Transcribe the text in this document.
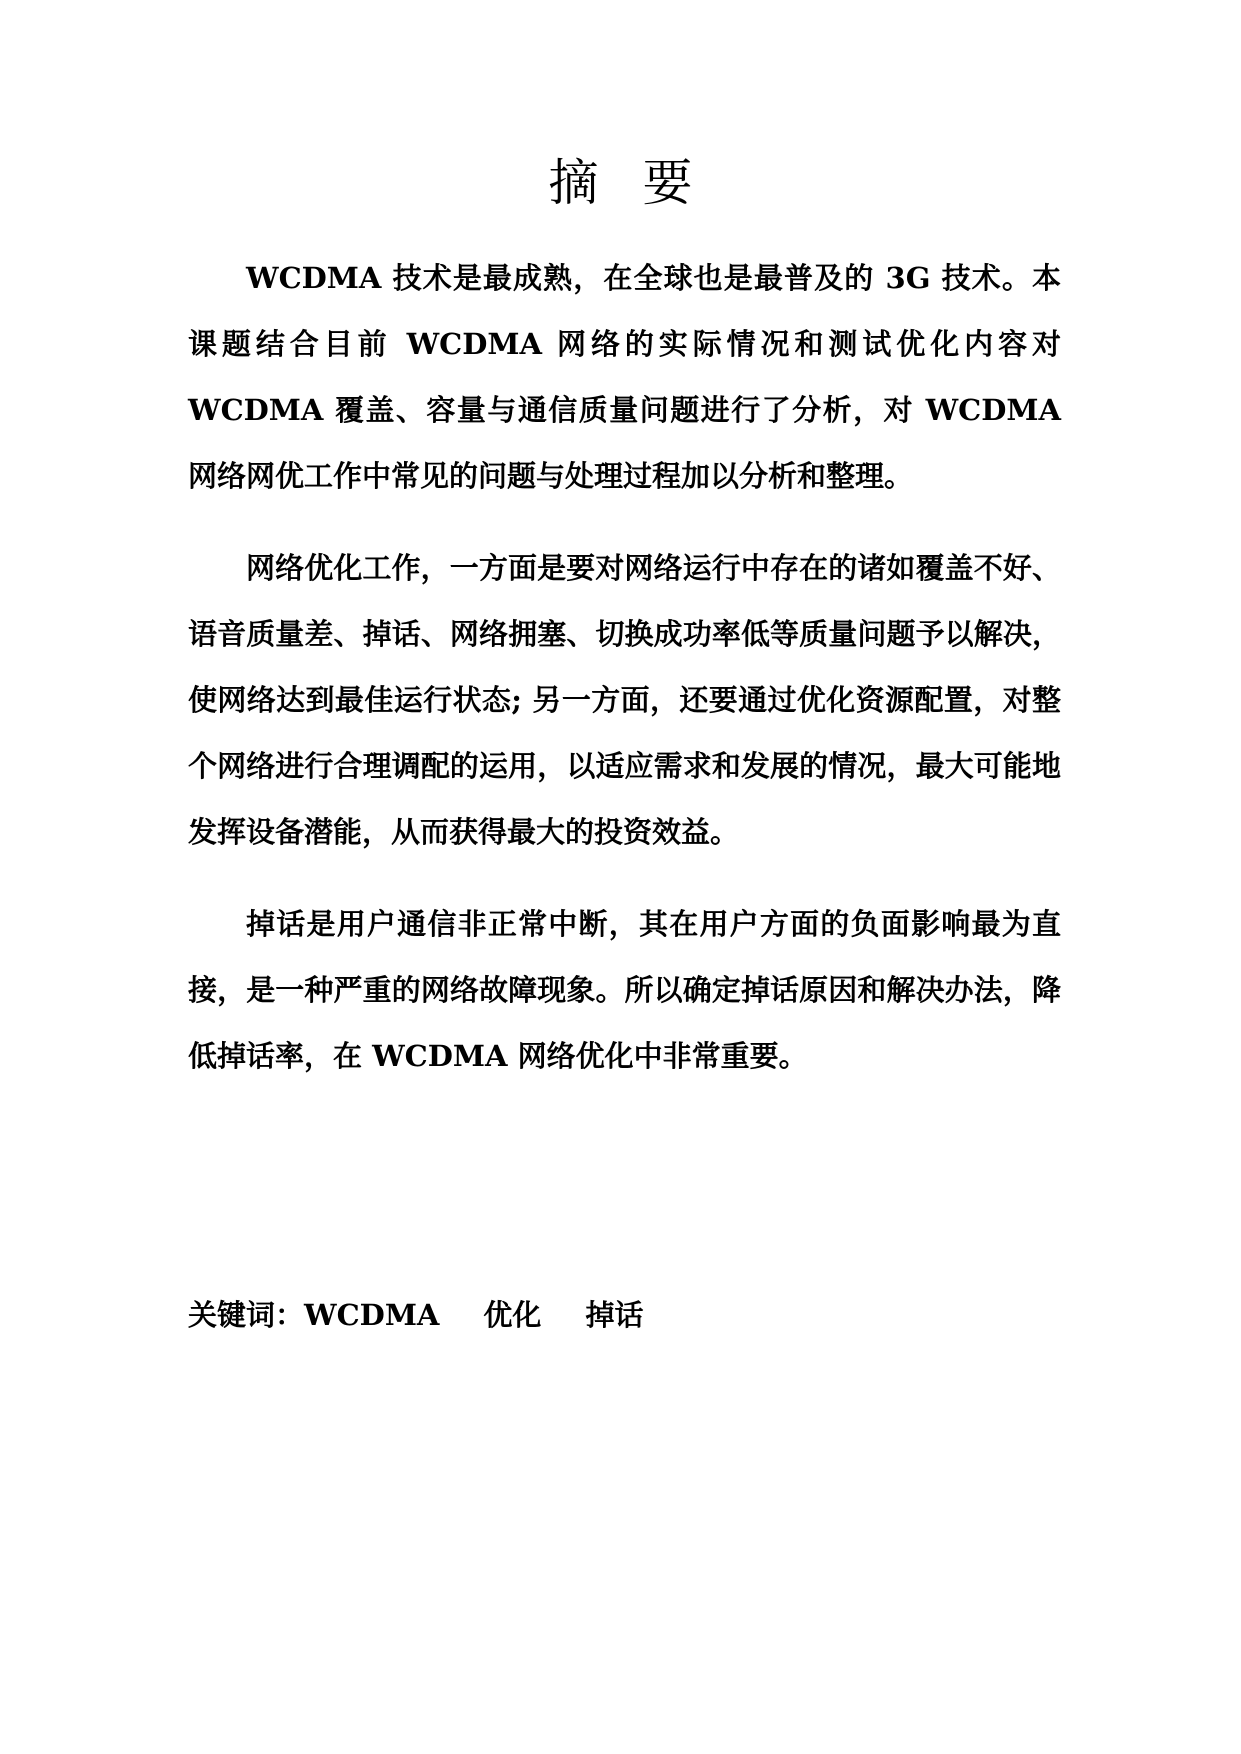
摘要

WCDMA 技术是最成熟，在全球也是最普及的 3G 技术。本课题结合目前 WCDMA 网络的实际情况和测试优化内容对 WCDMA 覆盖、容量与通信质量问题进行了分析，对 WCDMA 网络网优工作中常见的问题与处理过程加以分析和整理。

网络优化工作，一方面是要对网络运行中存在的诸如覆盖不好、语音质量差、掉话、网络拥塞、切换成功率低等质量问题予以解决，使网络达到最佳运行状态; 另一方面，还要通过优化资源配置，对整个网络进行合理调配的运用，以适应需求和发展的情况，最大可能地发挥设备潜能，从而获得最大的投资效益。

掉话是用户通信非正常中断，其在用户方面的负面影响最为直接，是一种严重的网络故障现象。所以确定掉话原因和解决办法，降低掉话率，在 WCDMA 网络优化中非常重要。

关键词：WCDMA 优化 掉话
